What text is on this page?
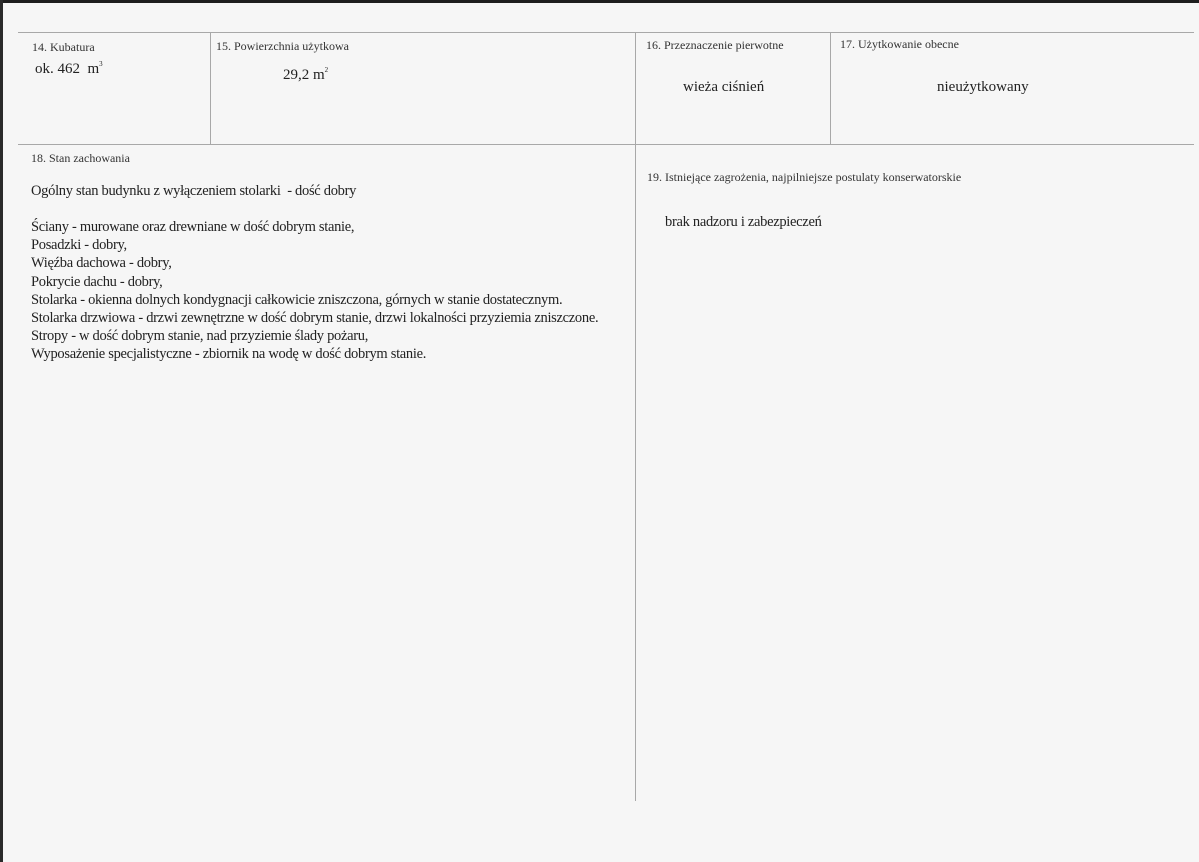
14. Kubatura
ok. 462  $m^3$
15. Powierzchnia użytkowa
29,2 $m^2$
16. Przeznaczenie pierwotne
wieża ciśnień
17. Użytkowanie obecne
nieużytkowany
18. Stan zachowania
Ogólny stan budynku z wyłączeniem stolarki  - dość dobry
Ściany - murowane oraz drewniane w dość dobrym stanie,
Posadzki - dobry,
Więźba dachowa - dobry,
Pokrycie dachu - dobry,
Stolarka - okienna dolnych kondygnacji całkowicie zniszczona, górnych w stanie dostatecznym.
Stolarka drzwiowa - drzwi zewnętrzne w dość dobrym stanie, drzwi lokalności przyziemia zniszczone.
Stropy - w dość dobrym stanie, nad przyziemie ślady pożaru,
Wyposażenie specjalistyczne - zbiornik na wodę w dość dobrym stanie.
19. Istniejące zagrożenia, najpilniejsze postulaty konserwatorskie
brak nadzoru i zabezpieczeń
